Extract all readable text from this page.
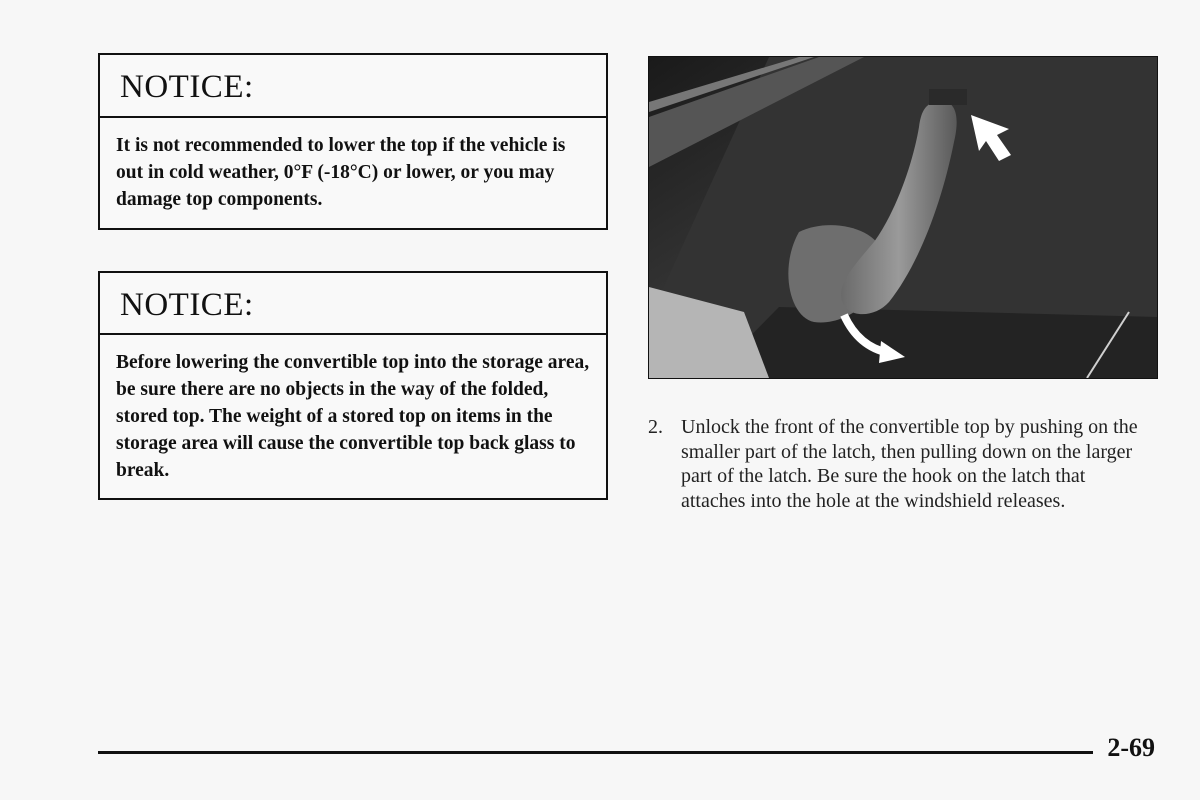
NOTICE:
It is not recommended to lower the top if the vehicle is out in cold weather, 0°F (-18°C) or lower, or you may damage top components.
NOTICE:
Before lowering the convertible top into the storage area, be sure there are no objects in the way of the folded, stored top. The weight of a stored top on items in the storage area will cause the convertible top back glass to break.
2. Unlock the front of the convertible top by pushing on the smaller part of the latch, then pulling down on the larger part of the latch. Be sure the hook on the latch that attaches into the hole at the windshield releases.
2-69
